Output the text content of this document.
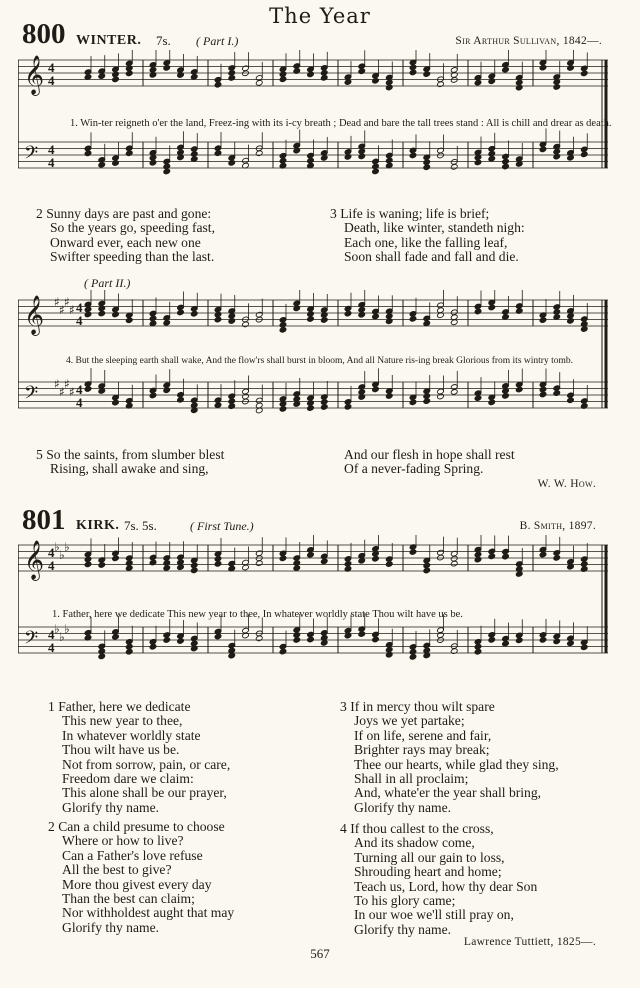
The Year
800 WINTER. 7s. ( Part I.)	Sir Arthur Sullivan, 1842—.
𝄞 4
4
𝄢 4
4
1. Win-ter reigneth o'er the land, Freez-ing with its i-cy breath ; Dead and bare the tall trees stand : All is chill and drear as death.
2 Sunny days are past and gone:
So the years go, speeding fast,
Onward ever, each new one
Swifter speeding than the last.
3 Life is waning; life is brief;
Death, like winter, standeth nigh:
Each one, like the falling leaf,
Soon shall fade and fall and die.
( Part II.)
𝄞 4
4
♯
♯
♯
♯
𝄢	4
4
♯
♯
♯
♯
4. But the sleeping earth shall wake, And the flow'rs shall burst in bloom, And all Nature ris-ing break Glorious from its wintry tomb.
5 So the saints, from slumber blest
Rising, shall awake and sing,
And our flesh in hope shall rest
Of a never-fading Spring.
W. W. How.
801 KIRK. 7s. 5s.	( First Tune.)	B. Smith, 1897.
𝄞 4
4
♭
♭
♭
𝄢 4
4
♭
♭
♭
1. Father, here we dedicate This new year to thee, In whatever worldly state Thou wilt have us be.
1 Father, here we dedicate
This new year to thee,
In whatever worldly state
Thou wilt have us be.
Not from sorrow, pain, or care,
Freedom dare we claim:
This alone shall be our prayer,
Glorify thy name.
2 Can a child presume to choose
Where or how to live?
Can a Father's love refuse
All the best to give?
More thou givest every day
Than the best can claim;
Nor withholdest aught that may
Glorify thy name.
3 If in mercy thou wilt spare
Joys we yet partake;
If on life, serene and fair,
Brighter rays may break;
Thee our hearts, while glad they sing,
Shall in all proclaim;
And, whate'er the year shall bring,
Glorify thy name.
4 If thou callest to the cross,
And its shadow come,
Turning all our gain to loss,
Shrouding heart and home;
Teach us, Lord, how thy dear Son
To his glory came;
In our woe we'll still pray on,
Glorify thy name.
Lawrence Tuttiett, 1825—.
567
